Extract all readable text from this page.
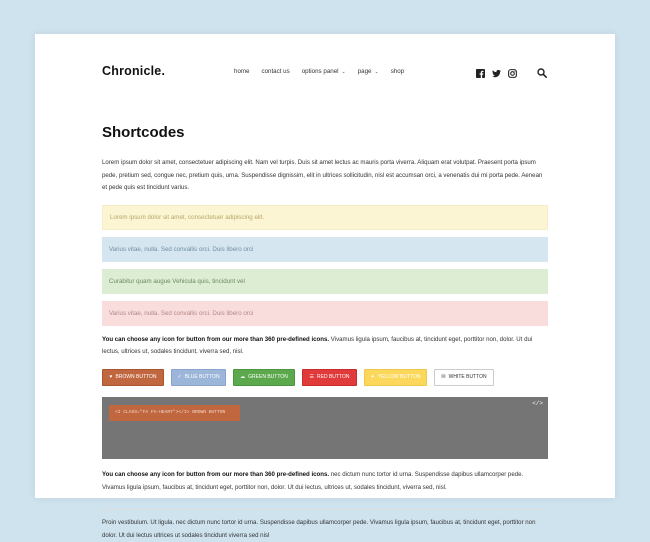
Chronicle.	home contact us options panel ⌄ page ⌄ shop
Shortcodes

Lorem ipsum dolor sit amet, consectetuer adipiscing elit. Nam vel turpis. Duis sit amet lectus ac mauris porta viverra. Aliquam erat volutpat. Praesent porta ipsum pede, pretium sed, congue nec, pretium quis, urna. Suspendisse dignissim, elit in ultrices sollicitudin, nisl est accumsan orci, a venenatis dui mi porta pede. Aenean et pede quis est tincidunt varius.

Lorem ipsum dolor sit amet, consectetuer adipiscing elit.
Varius vitae, nulla. Sed convallis orci. Duis libero orci
Curabitur quam augue Vehicula quis, tincidunt vel
Varius vitae, nulla. Sed convallis orci. Duis libero orci

You can choose any icon for button from our more than 360 pre-defined icons. Vivamus ligula ipsum, faucibus at, tincidunt eget, porttitor non, dolor. Ut dui lectus, ultrices ut, sodales tincidunt, viverra sed, nisl.

♥ BROWN BUTTON	✓ BLUE BUTTON	☁ GREEN BUTTON	☰ RED BUTTON	✦ YELLOW BUTTON	✉ WHITE BUTTON
<I CLASS="FA FA-HEART"></I> BROWN BUTTON
</>

You can choose any icon for button from our more than 360 pre-defined icons. nec dictum nunc tortor id urna. Suspendisse dapibus ullamcorper pede. Vivamus ligula ipsum, faucibus at, tincidunt eget, porttitor non, dolor. Ut dui lectus, ultrices ut, sodales tincidunt, viverra sed, nisl.

Proin vestibulum. Ut ligula. nec dictum nunc tortor id urna. Suspendisse dapibus ullamcorper pede. Vivamus ligula ipsum, faucibus at, tincidunt eget, porttitor non dolor. Ut dui lectus ultrices ut sodales tincidunt viverra sed nisl
